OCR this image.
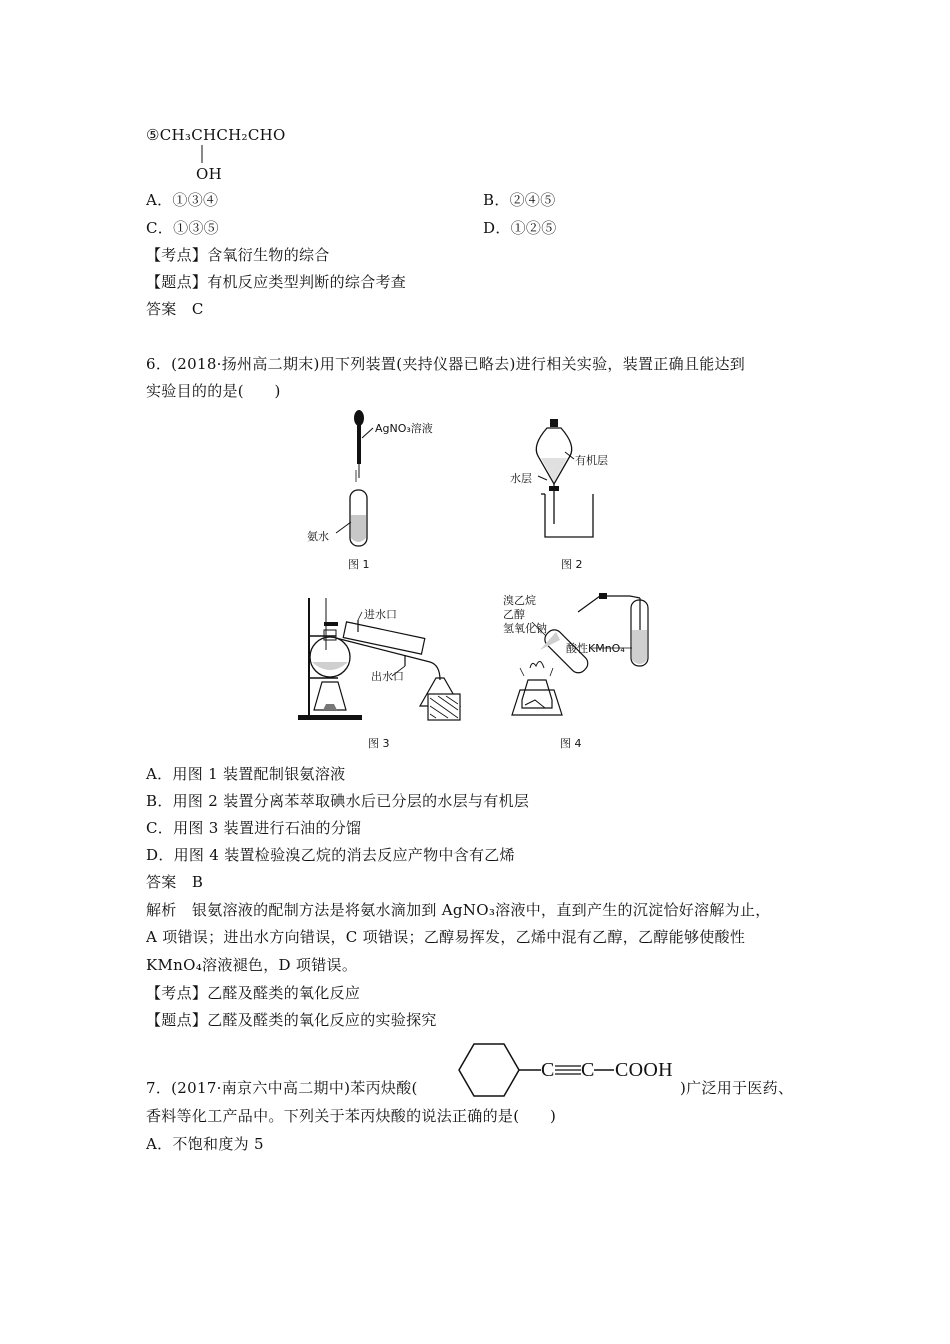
⑤CH₃CHCH₂CHO
OH
A．①③④	B．②④⑤
C．①③⑤	D．①②⑤
【考点】含氧衍生物的综合
【题点】有机反应类型判断的综合考查
答案　C
6．(2018·扬州高二期末)用下列装置(夹持仪器已略去)进行相关实验，装置正确且能达到
实验目的的是(　　)
AgNO₃溶液
氨水
图 1
有机层
水层
图 2
进水口
出水口
图 3
溴乙烷
乙醇
氢氧化钠
酸性KMnO₄
图 4
A．用图 1 装置配制银氨溶液
B．用图 2 装置分离苯萃取碘水后已分层的水层与有机层
C．用图 3 装置进行石油的分馏
D．用图 4 装置检验溴乙烷的消去反应产物中含有乙烯
答案　B
解析　银氨溶液的配制方法是将氨水滴加到 AgNO₃溶液中，直到产生的沉淀恰好溶解为止，
A 项错误；进出水方向错误，C 项错误；乙醇易挥发，乙烯中混有乙醇，乙醇能够使酸性
KMnO₄溶液褪色，D 项错误。
【考点】乙醛及醛类的氧化反应
【题点】乙醛及醛类的氧化反应的实验探究
7．(2017·南京六中高二期中)苯丙炔酸(
C C COOH
)广泛用于医药、
香料等化工产品中。下列关于苯丙炔酸的说法正确的是(　　)
A．不饱和度为 5
